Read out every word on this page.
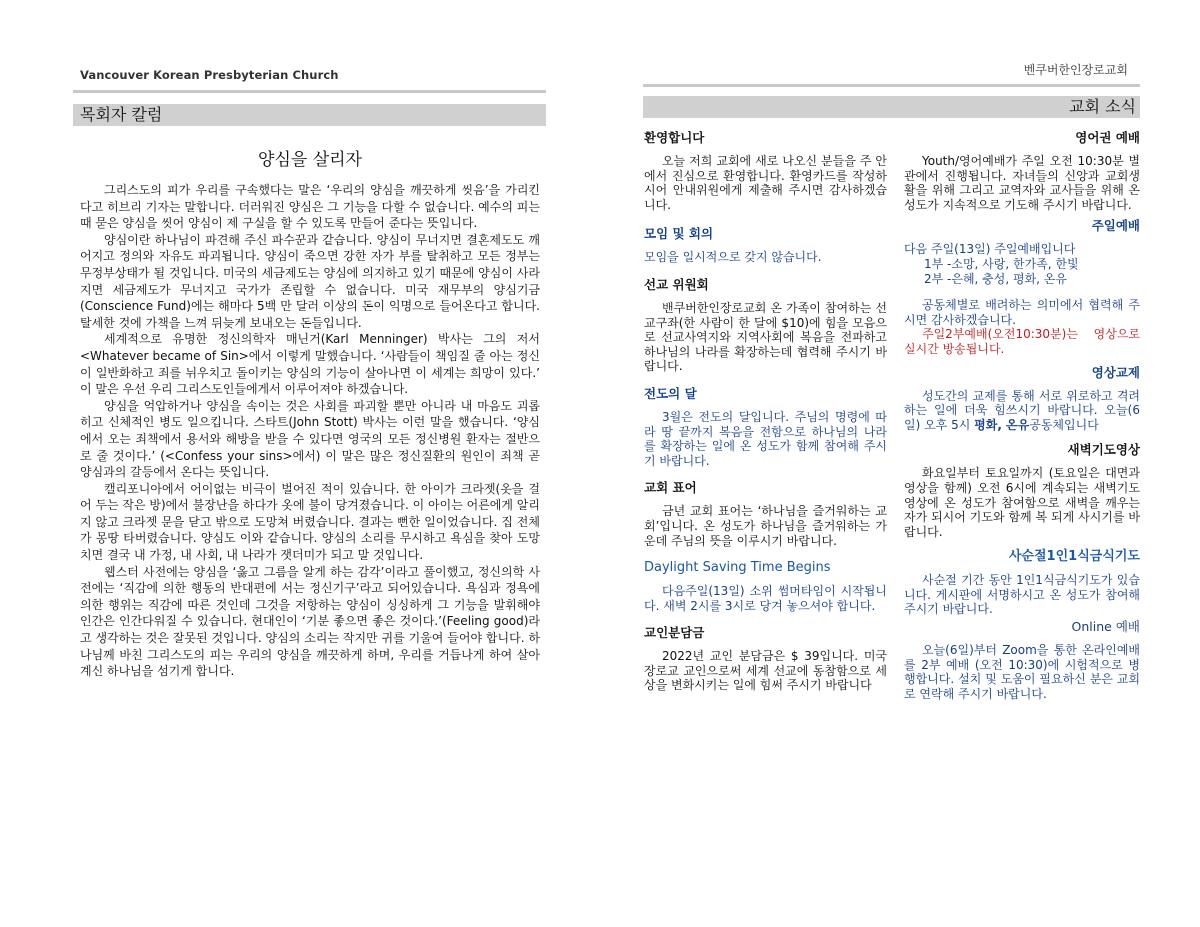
Vancouver Korean Presbyterian Church
목회자 칼럼
양심을 살리자

그리스도의 피가 우리를 구속했다는 말은 ‘우리의 양심을 깨끗하게 씻음’을 가리킨다고 히브리 기자는 말합니다. 더러워진 양심은 그 기능을 다할 수 없습니다. 예수의 피는 때 묻은 양심을 씻어 양심이 제 구실을 할 수 있도록 만들어 준다는 뜻입니다.

양심이란 하나님이 파견해 주신 파수꾼과 같습니다. 양심이 무너지면 결혼제도도 깨어지고 정의와 자유도 파괴됩니다. 양심이 죽으면 강한 자가 부를 탈취하고 모든 정부는 무정부상태가 될 것입니다. 미국의 세금제도는 양심에 의지하고 있기 때문에 양심이 사라지면 세금제도가 무너지고 국가가 존립할 수 없습니다. 미국 재무부의 양심기금(Conscience Fund)에는 해마다 5백 만 달러 이상의 돈이 익명으로 들어온다고 합니다. 탈세한 것에 가책을 느껴 뒤늦게 보내오는 돈들입니다.

세계적으로 유명한 정신의학자 매닌거(Karl Menninger) 박사는 그의 저서 <Whatever became of Sin>에서 이렇게 말했습니다. ‘사람들이 책임질 줄 아는 정신이 일반화하고 죄를 뉘우치고 돌이키는 양심의 기능이 살아나면 이 세계는 희망이 있다.’ 이 말은 우선 우리 그리스도인들에게서 이루어져야 하겠습니다.

양심을 억압하거나 양심을 속이는 것은 사회를 파괴할 뿐만 아니라 내 마음도 괴롭히고 신체적인 병도 일으킵니다. 스타트(John Stott) 박사는 이런 말을 했습니다. ‘양심에서 오는 죄책에서 용서와 해방을 받을 수 있다면 영국의 모든 정신병원 환자는 절반으로 줄 것이다.’ (<Confess your sins>에서) 이 말은 많은 정신질환의 원인이 죄책 곧 양심과의 갈등에서 온다는 뜻입니다.

캘리포니아에서 어이없는 비극이 벌어진 적이 있습니다. 한 아이가 크라젯(옷을 걸어 두는 작은 방)에서 불장난을 하다가 옷에 불이 당겨졌습니다. 이 아이는 어른에게 알리지 않고 크라젯 문을 닫고 밖으로 도망쳐 버렸습니다. 결과는 뻔한 일이었습니다. 집 전체가 몽땅 타버렸습니다. 양심도 이와 같습니다. 양심의 소리를 무시하고 욕심을 찾아 도망치면 결국 내 가정, 내 사회, 내 나라가 잿더미가 되고 말 것입니다.

웹스터 사전에는 양심을 ‘옳고 그름을 알게 하는 감각’이라고 풀이했고, 정신의학 사전에는 ‘직감에 의한 행동의 반대편에 서는 정신기구’라고 되어있습니다. 욕심과 정욕에 의한 행위는 직감에 따른 것인데 그것을 저항하는 양심이 싱싱하게 그 기능을 발휘해야 인간은 인간다워질 수 있습니다. 현대인이 ‘기분 좋으면 좋은 것이다.’(Feeling good)라고 생각하는 것은 잘못된 것입니다. 양심의 소리는 작지만 귀를 기울여 들어야 합니다. 하나님께 바친 그리스도의 피는 우리의 양심을 깨끗하게 하며, 우리를 거듭나게 하여 살아계신 하나님을 섬기게 합니다.

벤쿠버한인장로교회
교회 소식
환영합니다

오늘 저희 교회에 새로 나오신 분들을 주 안에서 진심으로 환영합니다. 환영카드를 작성하시어 안내위원에게 제출해 주시면 감사하겠습니다.

모임 및 회의

모임을 일시적으로 갖지 않습니다.

선교 위원회

밴쿠버한인장로교회 온 가족이 참여하는 선교구좌(한 사람이 한 달에 $10)에 힘을 모음으로 선교사역지와 지역사회에 복음을 전파하고 하나님의 나라를 확장하는데 협력해 주시기 바랍니다.

전도의 달

3월은 전도의 달입니다. 주님의 명령에 따라 땅 끝까지 복음을 전함으로 하나님의 나라를 확장하는 일에 온 성도가 함께 참여해 주시기 바랍니다.

교회 표어

금년 교회 표어는 ‘하나님을 즐거워하는 교회’입니다. 온 성도가 하나님을 즐거워하는 가운데 주님의 뜻을 이루시기 바랍니다.

Daylight Saving Time Begins

다음주일(13일) 소위 썸머타임이 시작됩니다. 새벽 2시를 3시로 당겨 놓으셔야 합니다.

교인분담금

2022년 교인 분담금은 $ 39입니다. 미국장로교 교인으로써 세계 선교에 동참함으로 세상을 변화시키는 일에 힘써 주시기 바랍니다

영어권 예배

Youth/영어예배가 주일 오전 10:30분 별관에서 진행됩니다. 자녀들의 신앙과 교회생활을 위해 그리고 교역자와 교사들을 위해 온 성도가 지속적으로 기도해 주시기 바랍니다.

주일예배

다음 주일(13일) 주일예배입니다

1부 -소망, 사랑, 한가족, 한빛

2부 -은혜, 충성, 평화, 온유

공동체별로 배려하는 의미에서 협력해 주시면 감사하겠습니다.

주일2부예배(오전10:30분)는 영상으로 실시간 방송됩니다.

영상교제

성도간의 교제를 통해 서로 위로하고 격려하는 일에 더욱 힘쓰시기 바랍니다. 오늘(6일) 오후 5시 평화, 온유공동체입니다

새벽기도영상

화요일부터 토요일까지 (토요일은 대면과 영상을 함께) 오전 6시에 계속되는 새벽기도영상에 온 성도가 참여함으로 새벽을 깨우는 자가 되시어 기도와 함께 복 되게 사시기를 바랍니다.

사순절1인1식금식기도

사순절 기간 동안 1인1식금식기도가 있습니다. 게시판에 서명하시고 온 성도가 참여해 주시기 바랍니다.

Online 예배

오늘(6일)부터 Zoom을 통한 온라인예배를 2부 예배 (오전 10:30)에 시험적으로 병행합니다. 설치 및 도움이 필요하신 분은 교회로 연락해 주시기 바랍니다.
